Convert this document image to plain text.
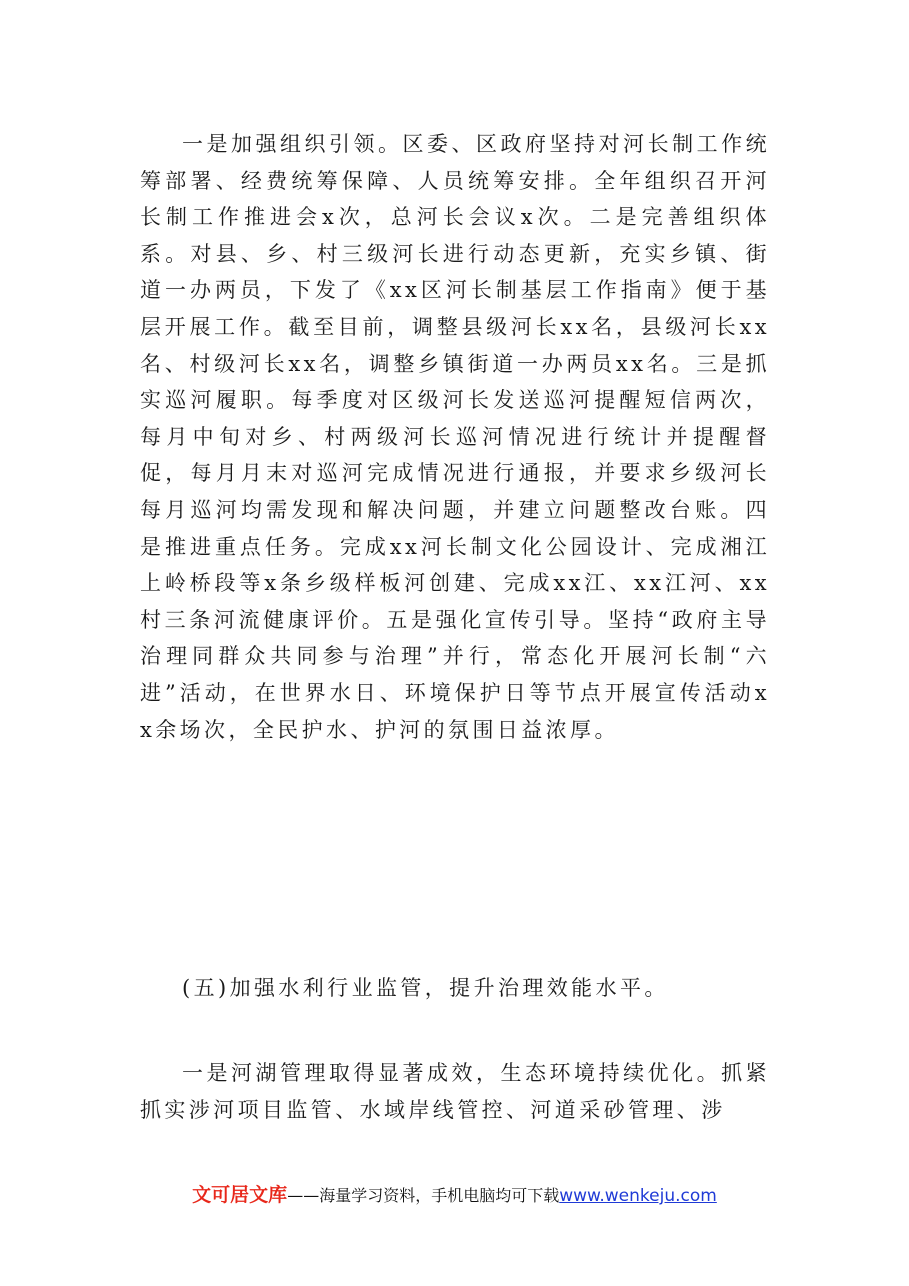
一是加强组织引领。区委、区政府坚持对河长制工作统筹部署、经费统筹保障、人员统筹安排。全年组织召开河长制工作推进会x次，总河长会议x次。二是完善组织体系。对县、乡、村三级河长进行动态更新，充实乡镇、街道一办两员，下发了《xx区河长制基层工作指南》便于基层开展工作。截至目前，调整县级河长xx名，县级河长xx名、村级河长xx名，调整乡镇街道一办两员xx名。三是抓实巡河履职。每季度对区级河长发送巡河提醒短信两次，每月中旬对乡、村两级河长巡河情况进行统计并提醒督促，每月月末对巡河完成情况进行通报，并要求乡级河长每月巡河均需发现和解决问题，并建立问题整改台账。四是推进重点任务。完成xx河长制文化公园设计、完成湘江上岭桥段等x条乡级样板河创建、完成xx江、xx江河、xx村三条河流健康评价。五是强化宣传引导。坚持“政府主导治理同群众共同参与治理”并行，常态化开展河长制“六进”活动，在世界水日、环境保护日等节点开展宣传活动xx余场次，全民护水、护河的氛围日益浓厚。

(五)加强水利行业监管，提升治理效能水平。

一是河湖管理取得显著成效，生态环境持续优化。抓紧抓实涉河项目监管、水域岸线管控、河道采砂管理、涉

文可居文库——海量学习资料，手机电脑均可下载www.wenkeju.com
